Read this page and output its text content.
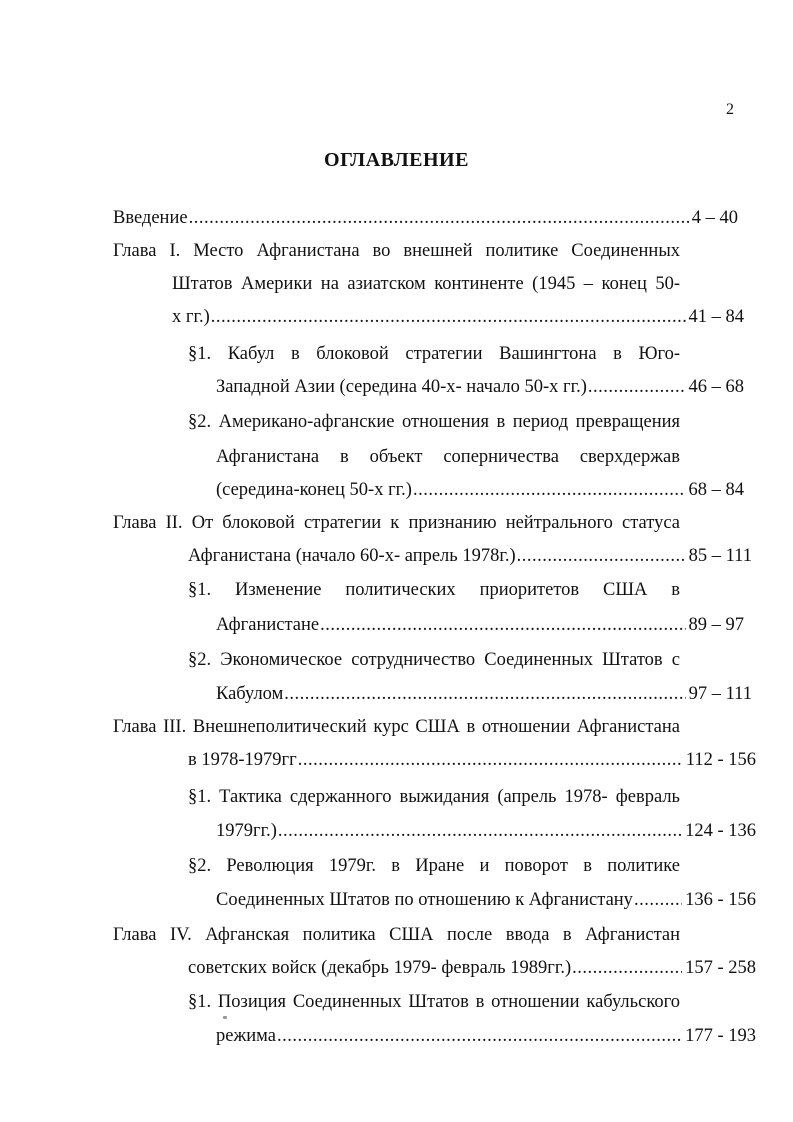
2
ОГЛАВЛЕНИЕ
Введение .....	4 – 40
Глава I. Место Афганистана во внешней политике Соединенных
Штатов Америки на азиатском континенте (1945 – конец 50-
х гг.) .....	41 – 84
§1. Кабул в блоковой стратегии Вашингтона в Юго-
Западной Азии (середина 40-х- начало 50-х гг.) .....	46 – 68
§2. Американо-афганские отношения в период превращения
Афганистана в объект соперничества сверхдержав
(середина-конец 50-х гг.) .....	68 – 84
Глава II. От блоковой стратегии к признанию нейтрального статуса
Афганистана (начало 60-х- апрель 1978г.) .....	85 – 111
§1. Изменение политических приоритетов США в
Афганистане .....	89 – 97
§2. Экономическое сотрудничество Соединенных Штатов с
Кабулом .....	97 – 111
Глава III. Внешнеполитический курс США в отношении Афганистана
в 1978-1979гг .....	112 - 156
§1. Тактика сдержанного выжидания (апрель 1978- февраль
1979гг.) .....	124 - 136
§2. Революция 1979г. в Иране и поворот в политике
Соединенных Штатов по отношению к Афганистану .....	136 - 156
Глава IV. Афганская политика США после ввода в Афганистан
советских войск (декабрь 1979- февраль 1989гг.) .....	157 - 258
§1. Позиция Соединенных Штатов в отношении кабульского
режима .....	177 - 193
